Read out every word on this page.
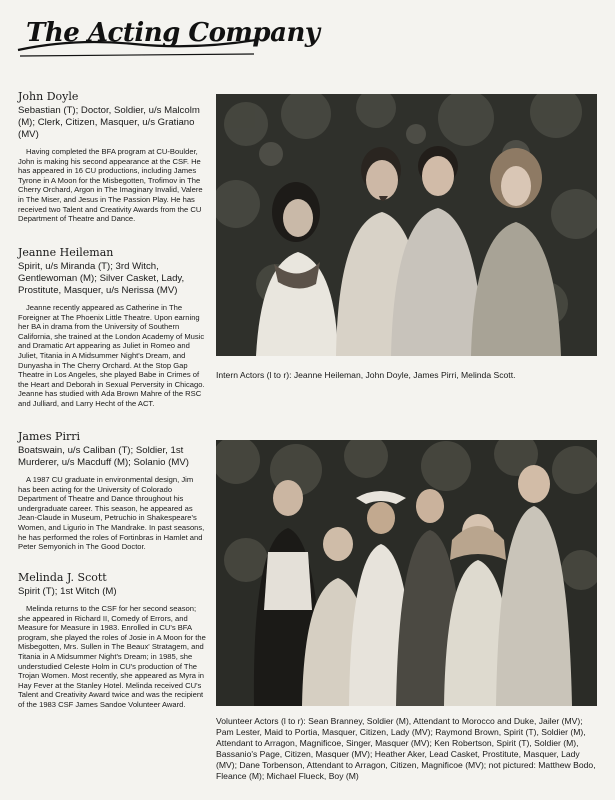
The Acting Company
John Doyle

Sebastian (T); Doctor, Soldier, u/s Malcolm (M); Clerk, Citizen, Masquer, u/s Gratiano (MV)

Having completed the BFA program at CU-Boulder, John is making his second appearance at the CSF. He has appeared in 16 CU productions, including James Tyrone in A Moon for the Misbegotten, Trofimov in The Cherry Orchard, Argon in The Imaginary Invalid, Valere in The Miser, and Jesus in The Passion Play. He has received two Talent and Creativity Awards from the CU Department of Theatre and Dance.

Jeanne Heileman

Spirit, u/s Miranda (T); 3rd Witch, Gentlewoman (M); Silver Casket, Lady, Prostitute, Masquer, u/s Nerissa (MV)

Jeanne recently appeared as Catherine in The Foreigner at The Phoenix Little Theatre. Upon earning her BA in drama from the University of Southern California, she trained at the London Academy of Music and Dramatic Art appearing as Juliet in Romeo and Juliet, Titania in A Midsummer Night's Dream, and Dunyasha in The Cherry Orchard. At the Stop Gap Theatre in Los Angeles, she played Babe in Crimes of the Heart and Deborah in Sexual Perversity in Chicago. Jeanne has studied with Ada Brown Mahre of the RSC and Julliard, and Larry Hecht of the ACT.

James Pirri

Boatswain, u/s Caliban (T); Soldier, 1st Murderer, u/s Macduff (M); Solanio (MV)

A 1987 CU graduate in environmental design, Jim has been acting for the University of Colorado Department of Theatre and Dance throughout his undergraduate career. This season, he appeared as Jean-Claude in Museum, Petruchio in Shakespeare's Women, and Ligurio in The Mandrake. In past seasons, he has performed the roles of Fortinbras in Hamlet and Peter Semyonich in The Good Doctor.

Melinda J. Scott

Spirit (T); 1st Witch (M)

Melinda returns to the CSF for her second season; she appeared in Richard II, Comedy of Errors, and Measure for Measure in 1983. Enrolled in CU's BFA program, she played the roles of Josie in A Moon for the Misbegotten, Mrs. Sullen in The Beaux' Stratagem, and Titania in A Midsummer Night's Dream; in 1985, she understudied Celeste Holm in CU's production of The Trojan Women. Most recently, she appeared as Myra in Hay Fever at the Stanley Hotel. Melinda received CU's Talent and Creativity Award twice and was the recipient of the 1983 CSF James Sandoe Volunteer Award.

Intern Actors (l to r): Jeanne Heileman, John Doyle, James Pirri, Melinda Scott.
Volunteer Actors (l to r): Sean Branney, Soldier (M), Attendant to Morocco and Duke, Jailer (MV); Pam Lester, Maid to Portia, Masquer, Citizen, Lady (MV); Raymond Brown, Spirit (T), Soldier (M), Attendant to Arragon, Magnificoe, Singer, Masquer (MV); Ken Robertson, Spirit (T), Soldier (M), Bassanio's Page, Citizen, Masquer (MV); Heather Aker, Lead Casket, Prostitute, Masquer, Lady (MV); Dane Torbenson, Attendant to Arragon, Citizen, Magnificoe (MV); not pictured: Matthew Bodo, Fleance (M); Michael Flueck, Boy (M)
